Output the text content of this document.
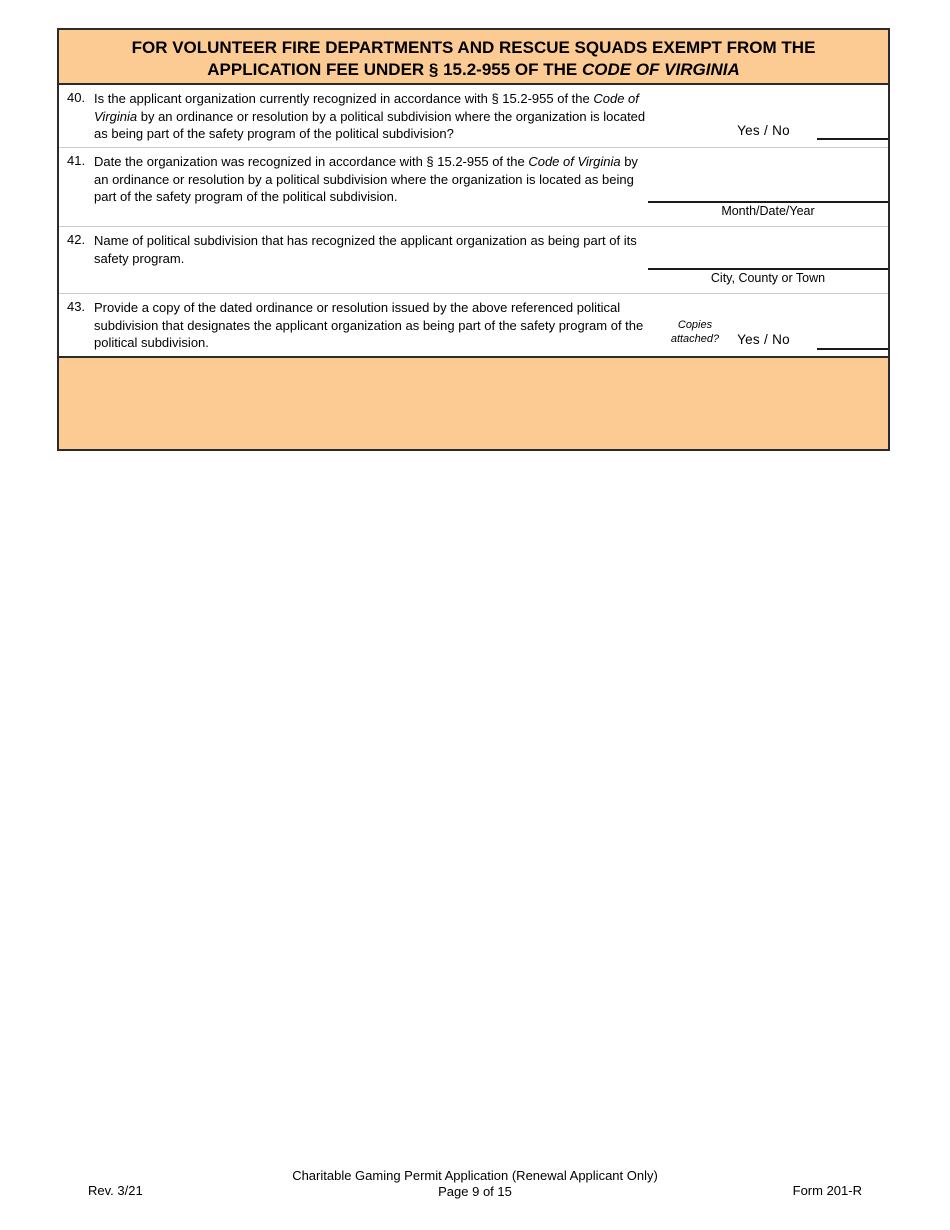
FOR VOLUNTEER FIRE DEPARTMENTS AND RESCUE SQUADS EXEMPT FROM THE
APPLICATION FEE UNDER § 15.2-955 OF THE CODE OF VIRGINIA
40. Is the applicant organization currently recognized in accordance with § 15.2-955 of the Code of Virginia by an ordinance or resolution by a political subdivision where the organization is located as being part of the safety program of the political subdivision?	Yes / No
41. Date the organization was recognized in accordance with § 15.2-955 of the Code of Virginia by an ordinance or resolution by a political subdivision where the organization is located as being part of the safety program of the political subdivision.
Month/Date/Year
42. Name of political subdivision that has recognized the applicant organization as being part of its safety program.
City, County or Town
43. Provide a copy of the dated ordinance or resolution issued by the above referenced political subdivision that designates the applicant organization as being part of the safety program of the political subdivision.
Copies attached?	Yes / No
Rev. 3/21
Charitable Gaming Permit Application (Renewal Applicant Only)
Page 9 of 15	Form 201-R
